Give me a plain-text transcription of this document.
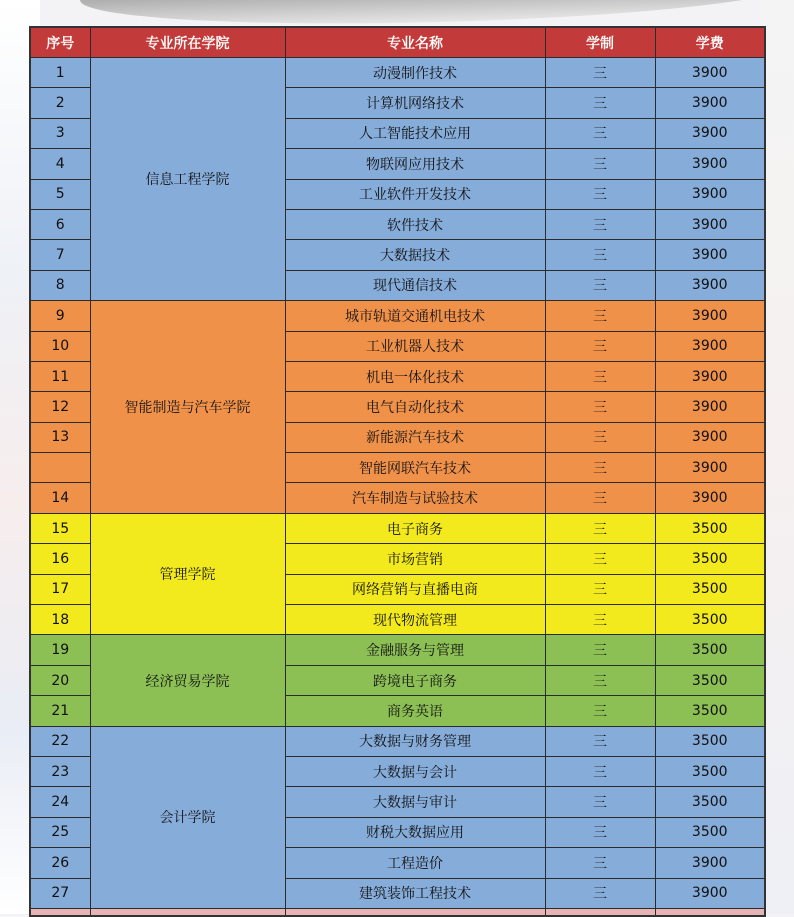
序号	专业所在学院	专业名称	学制	学费
1	信息工程学院	动漫制作技术	三	3900
2		计算机网络技术	三	3900
3		人工智能技术应用	三	3900
4		物联网应用技术	三	3900
5		工业软件开发技术	三	3900
6		软件技术	三	3900
7		大数据技术	三	3900
8		现代通信技术	三	3900
9	智能制造与汽车学院	城市轨道交通机电技术	三	3900
10		工业机器人技术	三	3900
11		机电一体化技术	三	3900
12		电气自动化技术	三	3900
13		新能源汽车技术	三	3900
		智能网联汽车技术	三	3900
14		汽车制造与试验技术	三	3900
15	管理学院	电子商务	三	3500
16		市场营销	三	3500
17		网络营销与直播电商	三	3500
18		现代物流管理	三	3500
19	经济贸易学院	金融服务与管理	三	3500
20		跨境电子商务	三	3500
21		商务英语	三	3500
22	会计学院	大数据与财务管理	三	3500
23		大数据与会计	三	3500
24		大数据与审计	三	3500
25		财税大数据应用	三	3500
26		工程造价	三	3900
27		建筑装饰工程技术	三	3900
